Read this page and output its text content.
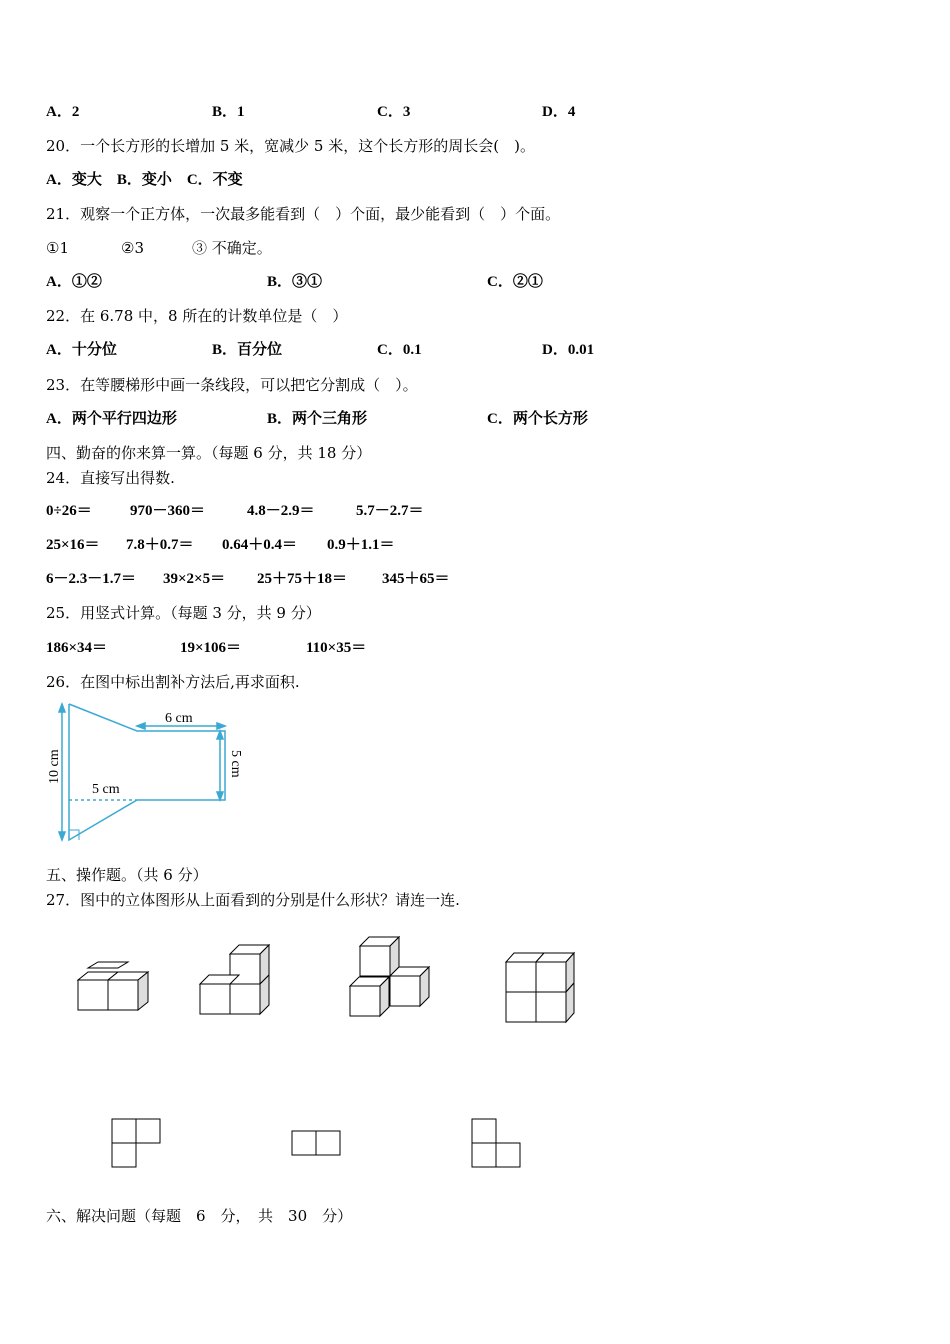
A．2	B．1	C．3	D．4
20．一个长方形的长增加 5 米，宽减少 5 米，这个长方形的周长会(　)。
A．变大　B．变小　C．不变
21．观察一个正方体，一次最多能看到（　）个面，最少能看到（　）个面。
①1	②3	③ 不确定。
A．①②	B．③①	C．②①
22．在 6.78 中，8 所在的计数单位是（　）
A．十分位	B．百分位	C．0.1	D．0.01
23．在等腰梯形中画一条线段，可以把它分割成（　）。
A．两个平行四边形	B．两个三角形	C．两个长方形
四、勤奋的你来算一算。（每题 6 分，共 18 分）
24．直接写出得数.
0÷26＝	970－360＝	4.8－2.9＝	5.7－2.7＝
25×16＝ 7.8＋0.7＝ 0.64＋0.4＝ 0.9＋1.1＝
6－2.3－1.7＝ 39×2×5＝ 25＋75＋18＝ 345＋65＝
25．用竖式计算。（每题 3 分，共 9 分）
186×34＝	19×106＝	110×35＝
26．在图中标出割补方法后,再求面积.
6 cm
5 cm
10 cm	5 cm
五、操作题。（共 6 分）
27．图中的立体图形从上面看到的分别是什么形状？请连一连.
六、解决问题（每题　6　分，　共　30　分）
